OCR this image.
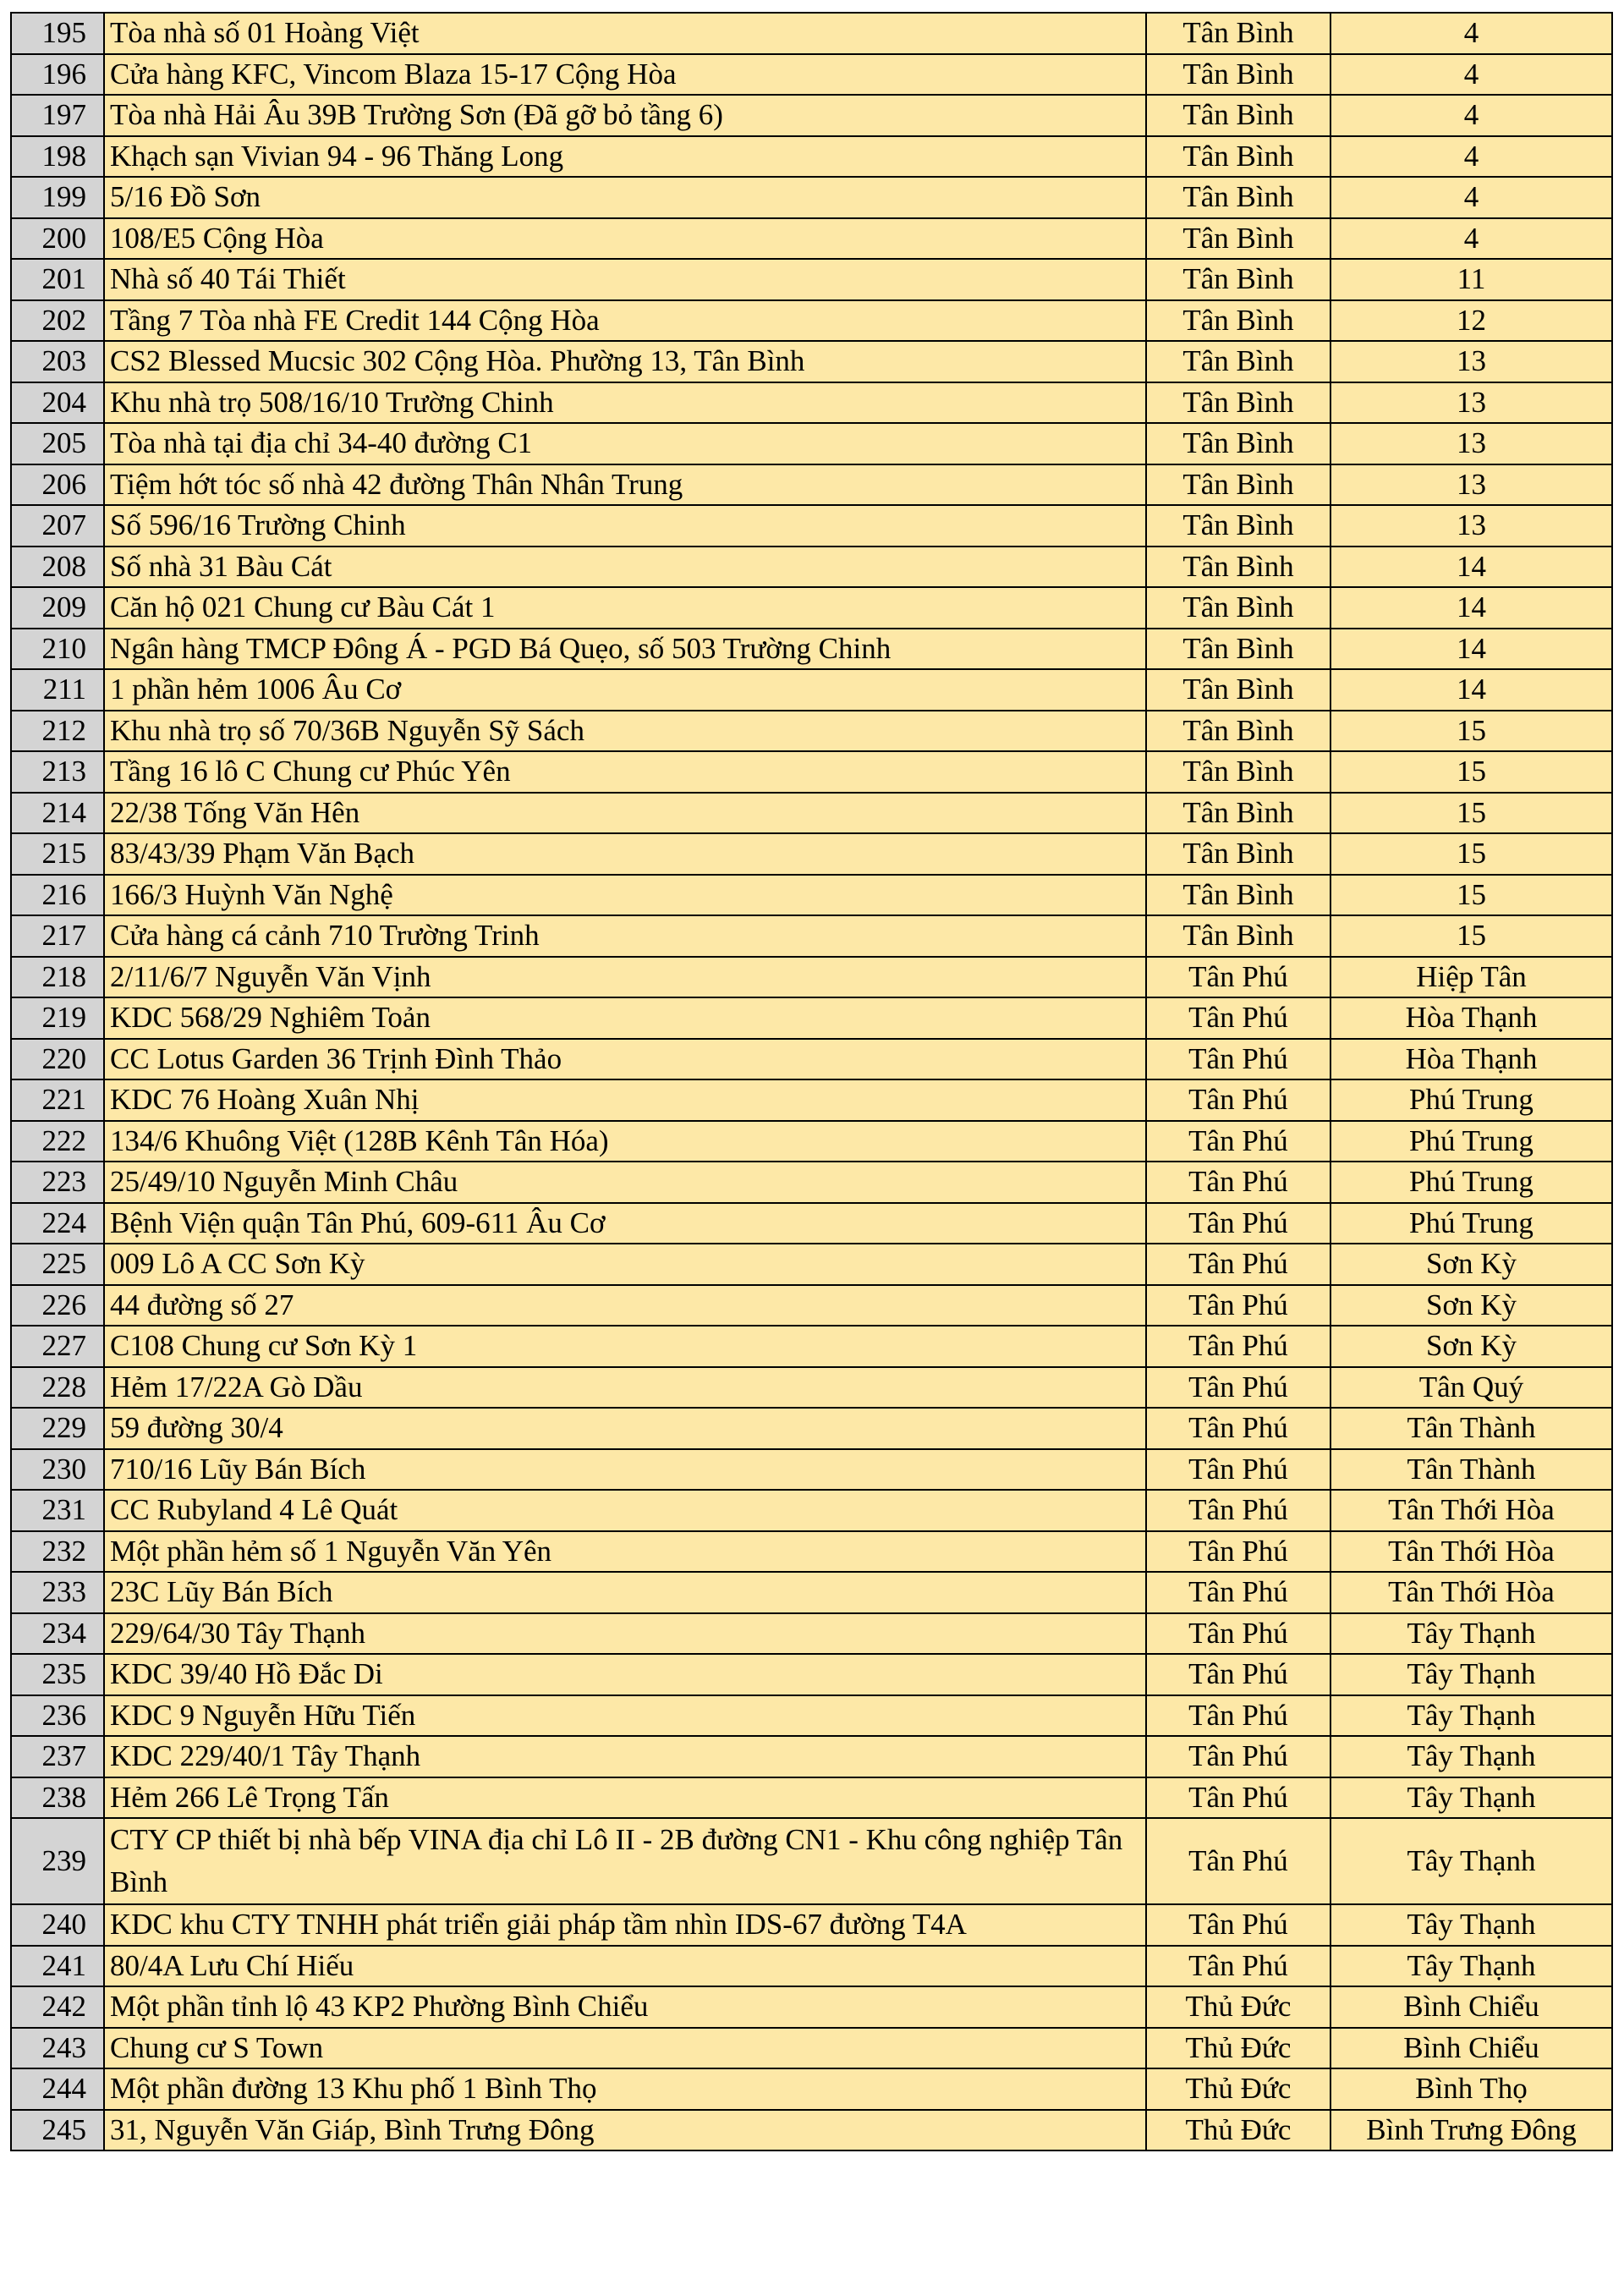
195	Tòa nhà số 01 Hoàng Việt	Tân Bình	4
196	Cửa hàng KFC, Vincom Blaza 15-17 Cộng Hòa	Tân Bình	4
197	Tòa nhà Hải Âu 39B Trường Sơn (Đã gỡ bỏ tầng 6)	Tân Bình	4
198	Khạch sạn Vivian 94 - 96 Thăng Long	Tân Bình	4
199	5/16 Đồ Sơn	Tân Bình	4
200	108/E5 Cộng Hòa	Tân Bình	4
201	Nhà số 40 Tái Thiết	Tân Bình	11
202	Tầng 7 Tòa nhà FE Credit 144 Cộng Hòa	Tân Bình	12
203	CS2 Blessed Mucsic 302 Cộng Hòa. Phường 13, Tân Bình	Tân Bình	13
204	Khu nhà trọ 508/16/10 Trường Chinh	Tân Bình	13
205	Tòa nhà tại địa chỉ 34-40 đường C1	Tân Bình	13
206	Tiệm hớt tóc số nhà 42 đường Thân Nhân Trung	Tân Bình	13
207	Số 596/16 Trường Chinh	Tân Bình	13
208	Số nhà 31 Bàu Cát	Tân Bình	14
209	Căn hộ 021 Chung cư Bàu Cát 1	Tân Bình	14
210	Ngân hàng TMCP Đông Á - PGD Bá Quẹo, số 503 Trường Chinh	Tân Bình	14
211	1 phần hẻm 1006 Âu Cơ	Tân Bình	14
212	Khu nhà trọ số 70/36B Nguyễn Sỹ Sách	Tân Bình	15
213	Tầng 16 lô C Chung cư Phúc Yên	Tân Bình	15
214	22/38 Tống Văn Hên	Tân Bình	15
215	83/43/39 Phạm Văn Bạch	Tân Bình	15
216	166/3 Huỳnh Văn Nghệ	Tân Bình	15
217	Cửa hàng cá cảnh 710 Trường Trinh	Tân Bình	15
218	2/11/6/7 Nguyễn Văn Vịnh	Tân Phú	Hiệp Tân
219	KDC 568/29 Nghiêm Toản	Tân Phú	Hòa Thạnh
220	CC Lotus Garden 36 Trịnh Đình Thảo	Tân Phú	Hòa Thạnh
221	KDC 76 Hoàng Xuân Nhị	Tân Phú	Phú Trung
222	134/6 Khuông Việt (128B Kênh Tân Hóa)	Tân Phú	Phú Trung
223	25/49/10 Nguyễn Minh Châu	Tân Phú	Phú Trung
224	Bệnh Viện quận Tân Phú, 609-611 Âu Cơ	Tân Phú	Phú Trung
225	009 Lô A CC Sơn Kỳ	Tân Phú	Sơn Kỳ
226	44 đường số 27	Tân Phú	Sơn Kỳ
227	C108 Chung cư Sơn Kỳ 1	Tân Phú	Sơn Kỳ
228	Hẻm 17/22A Gò Dầu	Tân Phú	Tân Quý
229	59 đường 30/4	Tân Phú	Tân Thành
230	710/16 Lũy Bán Bích	Tân Phú	Tân Thành
231	CC Rubyland 4 Lê Quát	Tân Phú	Tân Thới Hòa
232	Một phần hẻm số 1 Nguyễn Văn Yên	Tân Phú	Tân Thới Hòa
233	23C Lũy Bán Bích	Tân Phú	Tân Thới Hòa
234	229/64/30 Tây Thạnh	Tân Phú	Tây Thạnh
235	KDC 39/40 Hồ Đắc Di	Tân Phú	Tây Thạnh
236	KDC 9 Nguyễn Hữu Tiến	Tân Phú	Tây Thạnh
237	KDC 229/40/1 Tây Thạnh	Tân Phú	Tây Thạnh
238	Hẻm 266 Lê Trọng Tấn	Tân Phú	Tây Thạnh
239	CTY CP thiết bị nhà bếp VINA địa chỉ Lô II - 2B đường CN1 - Khu công nghiệp Tân Bình	Tân Phú	Tây Thạnh
240	KDC khu CTY TNHH phát triển giải pháp tầm nhìn IDS-67 đường T4A	Tân Phú	Tây Thạnh
241	80/4A Lưu Chí Hiếu	Tân Phú	Tây Thạnh
242	Một phần tỉnh lộ 43 KP2 Phường Bình Chiểu	Thủ Đức	Bình Chiểu
243	Chung cư S Town	Thủ Đức	Bình Chiểu
244	Một phần đường 13 Khu phố 1 Bình Thọ	Thủ Đức	Bình Thọ
245	31, Nguyễn Văn Giáp, Bình Trưng Đông	Thủ Đức	Bình Trưng Đông
